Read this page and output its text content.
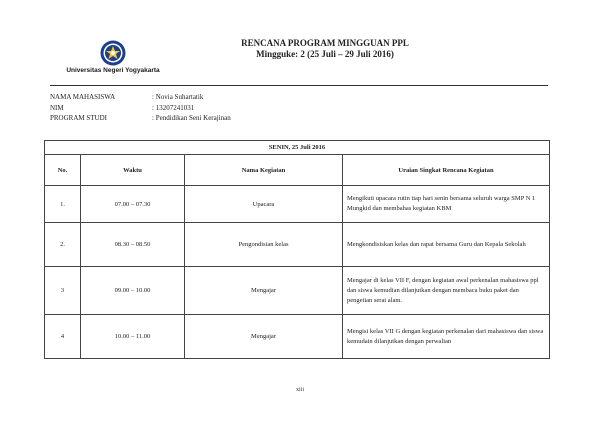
Universitas Negeri Yogyakarta
RENCANA PROGRAM MINGGUAN PPL
Mingguke: 2 (25 Juli – 29 Juli 2016)
NAMA MAHASISWA	: Novia Suhartatik
NIM	: 13207241031
PROGRAM STUDI	: Pendidikan Seni Kerajinan
SENIN, 25 Juli 2016			
No.	Waktu	Nama Kegiatan	Uraian Singkat Rencana Kegiatan
1.	07.00 – 07.30	Upacara	Mengikuti upacara rutin tiap hari senin bersama seluruh warga SMP N 1 Mungkid dan membahas kegiatan KBM
2.	08.30 – 08.50	Pengondisian kelas	Mengkondisiskan kelas dan rapat bersama Guru dan Kepala Sekolah
3	09.00 – 10.00	Mengajar	Mengajar di kelas VII F, dengan kegiatan awal perkenalan mahasiswa ppl dan siswa kemudian dilanjutkan dengan membaca buku paket dan pengetian serat alam.
4	10.00 – 11.00	Mengajar	Mengisi kelas VII G dengan kegiatan perkenalan dari mahasiswa dan siswa kemudain dilanjutkan dengan perwalian
xiii
